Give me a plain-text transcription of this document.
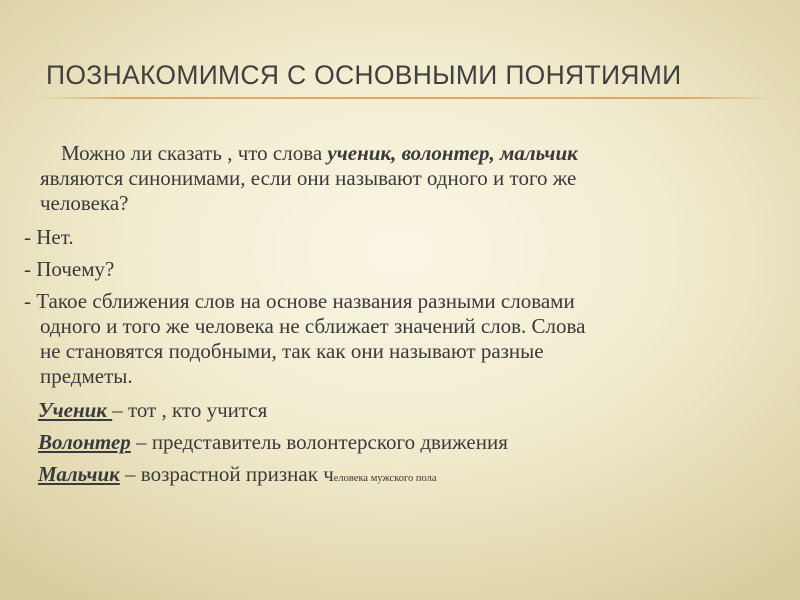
ПОЗНАКОМИМСЯ С ОСНОВНЫМИ ПОНЯТИЯМИ
Можно ли сказать , что слова ученик, волонтер, мальчик
являются синонимами, если они называют одного и того же
человека?
- Нет.
- Почему?
- Такое сближения слов на основе названия разными словами
одного и того же человека не сближает значений слов. Слова
не становятся подобными, так как они называют разные
предметы.
Ученик – тот , кто учится
Волонтер – представитель волонтерского движения
Мальчик – возрастной признак человека мужского пола
